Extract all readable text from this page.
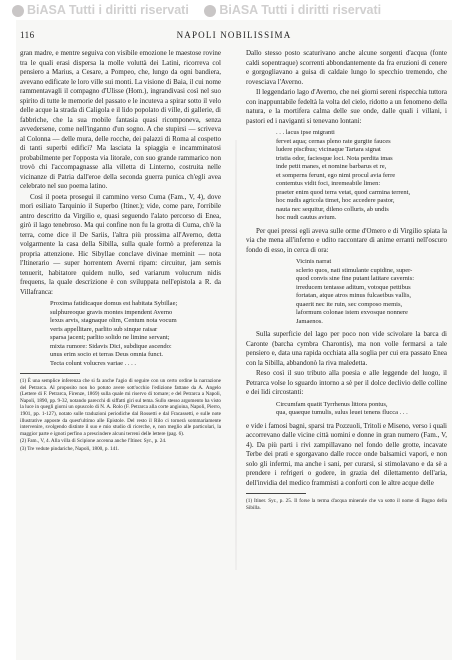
BiASA Tutti i diritti riservati BiASA Tutti i diritti riservati
116	NAPOLI NOBILISSIMA

gran madre, e mentre seguiva con visibile emozione le maestose rovine tra le quali erasi dispersa la molle voluttà dei Latini, ricorreva col pensiero a Marius, a Cesare, a Pompeo, che, lungo da ogni bandiera, avevano edificate le loro ville sui monti. La visione di Baia, il cui nome rammentavagli il compagno d'Ulisse (Hom.), ingrandivasi così nel suo spirito di tutte le memorie del passato e le incuteva a spirar sotto il velo delle acque la strada di Caligola e il lido popolato di ville, di gallerie, di fabbriche, che la sua mobile fantasia quasi ricomponeva, senza avvedersene, come nell'inganno d'un sogno. A che stupirsi — scriveva al Colonna — delle mura, delle rocche, dei palazzi di Roma al cospetto di tanti superbi edifici? Ma lasciata la spiaggia e incamminatosi probabilmente per l'opposta via litorale, con suo grande rammarico non trovò chi l'accompagnasse alla villetta di Linterno, costruita nelle vicinanze di Patria dall'eroe della seconda guerra punica ch'egli avea celebrato nel suo poema latino.

Così il poeta proseguì il cammino verso Cuma (Fam., V, 4), dove morì esiliato Tarquinio il Superbo (Itiner.); vide, come pare, l'orribile antro descritto da Virgilio e, quasi seguendo l'alato percorso di Enea, girò il lago tenebroso. Ma qui confine non fu la grotta di Cuma, ch'è la terra, come dice il De Sariis, l'altra più prossima all'Averno, detta volgarmente la casa della Sibilla, sulla quale formò a preferenza la propria attenzione. Hic Sibyllae conclave divinae meminit — nota l'Itinerario — super horrentem Averni ripam: circuitur, jam semis tenuerit, habitatore quidem nullo, sed variarum volucrum nidis frequens, la quale descrizione è con sviluppata nell'epistola a R. da Villafranca:

Proxima fatidicaque domus est habitata Sybillae;
sulphureoque gravis montes impendent Averno
lexus arvis, stagnaque olim, Centum nota vocum
veris appellitare, parlito sub sinque raisar
sparsa jacent; parlito solido ne limine servant;
mixta rumore: Sidavis Dici, subdique ascendo:
unus erim socio et terras Deus omnia funct.
Tecta colunt volucres variae . . . .
(1) È una semplice inferenza che si fa anche l'agio di seguire con un certo ordine la narrazione del Petrarca. Al proposito non ho potuto avere sott'occhio l'edizione fattane da A. Angelo (Lettere di F. Petrarca, Firenze, 1869) sulla quale mi riservo di tornare; e del Petrarca a Napoli, Napoli, 1890, pp. 9-32, notando parecchi di siffatti giri sul tema. Sullo stesso argomento ha visto la luce in quegli giorni un opuscolo di N. A. Rolo (F. Petrarca alla corte angioina, Napoli, Pierro, 1901, pp. 1-127), notato sulle traduzioni periodiche dal Rossetti e dal Fracassetti, e sulle note illustrative apposte da quest'ultimo alle Epistole. Del resto il Rilo ci tornerà sommariamente intervenire, svolgendo distinte il suo e mio studio di ricerche, e, non meglio alle particolari, la maggior parte e ignoti perfino a prescindere alcuni terreni delle lettere (pag. 6).
(2) Fam., V, 4. Alla villa di Scipione accenna anche l'Itiner. Syr., p. 24.
(3) Tre vedute pindariche, Napoli, 1800, p. 141.

Dallo stesso posto scaturivano anche alcune sorgenti d'acqua (fonte caldi sopentraque) scorrenti abbondantemente da fra eruzioni di cenere e gorgogliavano a guisa di caldaie lungo lo specchio tremendo, che rovesciava l'Averno.

Il leggendario lago d'Averno, che nei giorni sereni rispecchia tuttora con inappuntabile fedeltà la volta del cielo, ridotto a un fenomeno della natura, e la mortifera calma delle sue onde, dalle quali i villani, i pastori ed i naviganti si tenevano lontani:

. . . lacus ipse migranti
fervet aqua; cernas pleno rate gurgite fauces
ludere piscibus; vicinaque Tartara signat
tristia odor, faciesque loci. Nota perdita imas
inde petit manes, et nomine barbarus et re,
et somperns ferunt, ego nimi procul avia ferre
contemtus vidit foci, inremeabile limen:
praeter enim quod terra vetat, quod carmina terrent,
hoc nudis agricola timet, hoc accedere pastor,
nauta nec sequitur, dileno colluris, ab undis
hoc nudi cautus avium.

Per quei pressi egli aveva sulle orme d'Omero e di Virgilio spiata la via che mena all'inferno e udito raccontare di anime erranti nell'oscuro fondo di esso, in cerca di ora:

Vicinis narrat
sclerio quos, nati stimulante cupidine, super-
quod convis sine fine putant latitare cavernis:
irreducem tentasse aditum, votoque pettibus
fortatan, atque atros minus fulcaeibus vallis,
quaerit nec ite ruin, sec composo memis,
laformum colonae istem exvosque nonnere
Jamaenos.

Sulla superficie del lago per poco non vide scivolare la barca di Caronte (barcha cymbra Charontis), ma non volle fermarsi a tale pensiero e, data una rapida occhiata alla soglia per cui era passato Enea con la Sibilla, abbandonò la riva maledetta.

Reso così il suo tributo alla poesia e alle leggende del luogo, il Petrarca volse lo sguardo intorno a sè per il dolce declivio delle colline e dei lidi circostanti:

Circumfam quatit Tyrrhenus littora pontus,
qua, quaeque tumulis, sulus leuei tenens flucca . . .

e vide i famosi bagni, sparsi tra Pozzuoli, Tritoli e Miseno, verso i quali accorrevano dalle vicine città uomini e donne in gran numero (Fam., V, 4). Da più parti i rivi zampillavano nel fondo delle grotte, incavate Terbe dei prati e sgorgavano dalle rocce onde balsamici vapori, e non solo gli infermi, ma anche i sani, per curarsi, si stimolavano e da sè a prendere i refrigeri o godere, in grazia del dilettamento dell'aria, dell'invidia del medico frammisti a conforti con le altre acque delle

(1) Itiner. Syr., p. 25. Il forse la terma d'acqua minerale che va sotto il nome di Bagno della Sibilla.
